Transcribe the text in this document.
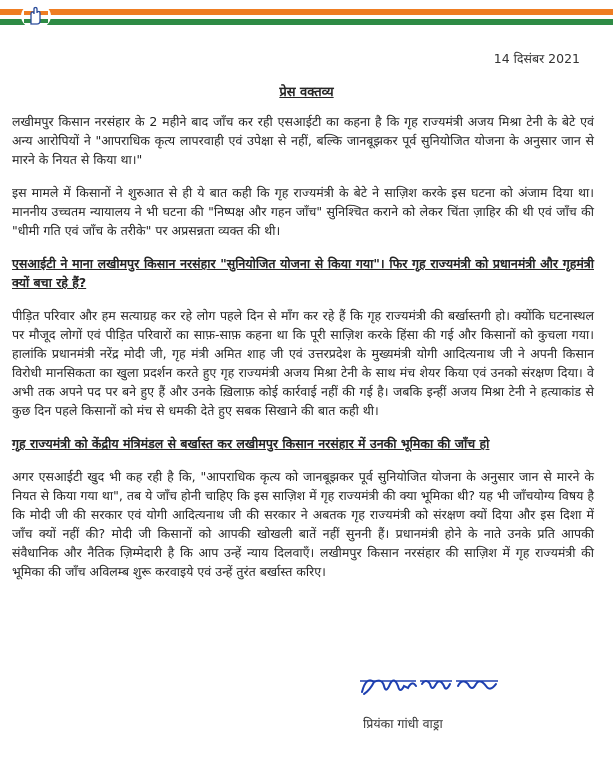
14 दिसंबर 2021
प्रेस वक्तव्य

लखीमपुर किसान नरसंहार के 2 महीने बाद जाँच कर रही एसआईटी का कहना है कि गृह राज्यमंत्री अजय मिश्रा टेनी के बेटे एवं अन्य आरोपियों ने "आपराधिक कृत्य लापरवाही एवं उपेक्षा से नहीं, बल्कि जानबूझकर पूर्व सुनियोजित योजना के अनुसार जान से मारने के नियत से किया था।"

इस मामले में किसानों ने शुरुआत से ही ये बात कही कि गृह राज्यमंत्री के बेटे ने साज़िश करके इस घटना को अंजाम दिया था। माननीय उच्चतम न्यायालय ने भी घटना की "निष्पक्ष और गहन जाँच" सुनिश्चित कराने को लेकर चिंता ज़ाहिर की थी एवं जाँच की "धीमी गति एवं जाँच के तरीके" पर अप्रसन्नता व्यक्त की थी।

एसआईटी ने माना लखीमपुर किसान नरसंहार "सुनियोजित योजना से किया गया"। फिर गृह राज्यमंत्री को प्रधानमंत्री और गृहमंत्री क्यों बचा रहे हैं?

पीड़ित परिवार और हम सत्याग्रह कर रहे लोग पहले दिन से माँग कर रहे हैं कि गृह राज्यमंत्री की बर्खास्तगी हो। क्योंकि घटनास्थल पर मौजूद लोगों एवं पीड़ित परिवारों का साफ़-साफ़ कहना था कि पूरी साज़िश करके हिंसा की गई और किसानों को कुचला गया। हालांकि प्रधानमंत्री नरेंद्र मोदी जी, गृह मंत्री अमित शाह जी एवं उत्तरप्रदेश के मुख्यमंत्री योगी आदित्यनाथ जी ने अपनी किसान विरोधी मानसिकता का खुला प्रदर्शन करते हुए गृह राज्यमंत्री अजय मिश्रा टेनी के साथ मंच शेयर किया एवं उनको संरक्षण दिया। वे अभी तक अपने पद पर बने हुए हैं और उनके ख़िलाफ़ कोई कार्रवाई नहीं की गई है। जबकि इन्हीं अजय मिश्रा टेनी ने हत्याकांड से कुछ दिन पहले किसानों को मंच से धमकी देते हुए सबक सिखाने की बात कही थी।

गृह राज्यमंत्री को केंद्रीय मंत्रिमंडल से बर्खास्त कर लखीमपुर किसान नरसंहार में उनकी भूमिका की जाँच हो

अगर एसआईटी खुद भी कह रही है कि, "आपराधिक कृत्य को जानबूझकर पूर्व सुनियोजित योजना के अनुसार जान से मारने के नियत से किया गया था", तब ये जाँच होनी चाहिए कि इस साज़िश में गृह राज्यमंत्री की क्या भूमिका थी? यह भी जाँचयोग्य विषय है कि मोदी जी की सरकार एवं योगी आदित्यनाथ जी की सरकार ने अबतक गृह राज्यमंत्री को संरक्षण क्यों दिया और इस दिशा में जाँच क्यों नहीं की? मोदी जी किसानों को आपकी खोखली बातें नहीं सुननी हैं। प्रधानमंत्री होने के नाते उनके प्रति आपकी संवैधानिक और नैतिक ज़िम्मेदारी है कि आप उन्हें न्याय दिलवाएँ। लखीमपुर किसान नरसंहार की साज़िश में गृह राज्यमंत्री की भूमिका की जाँच अविलम्ब शुरू करवाइये एवं उन्हें तुरंत बर्खास्त करिए।

प्रियंका गांधी वाड्रा
